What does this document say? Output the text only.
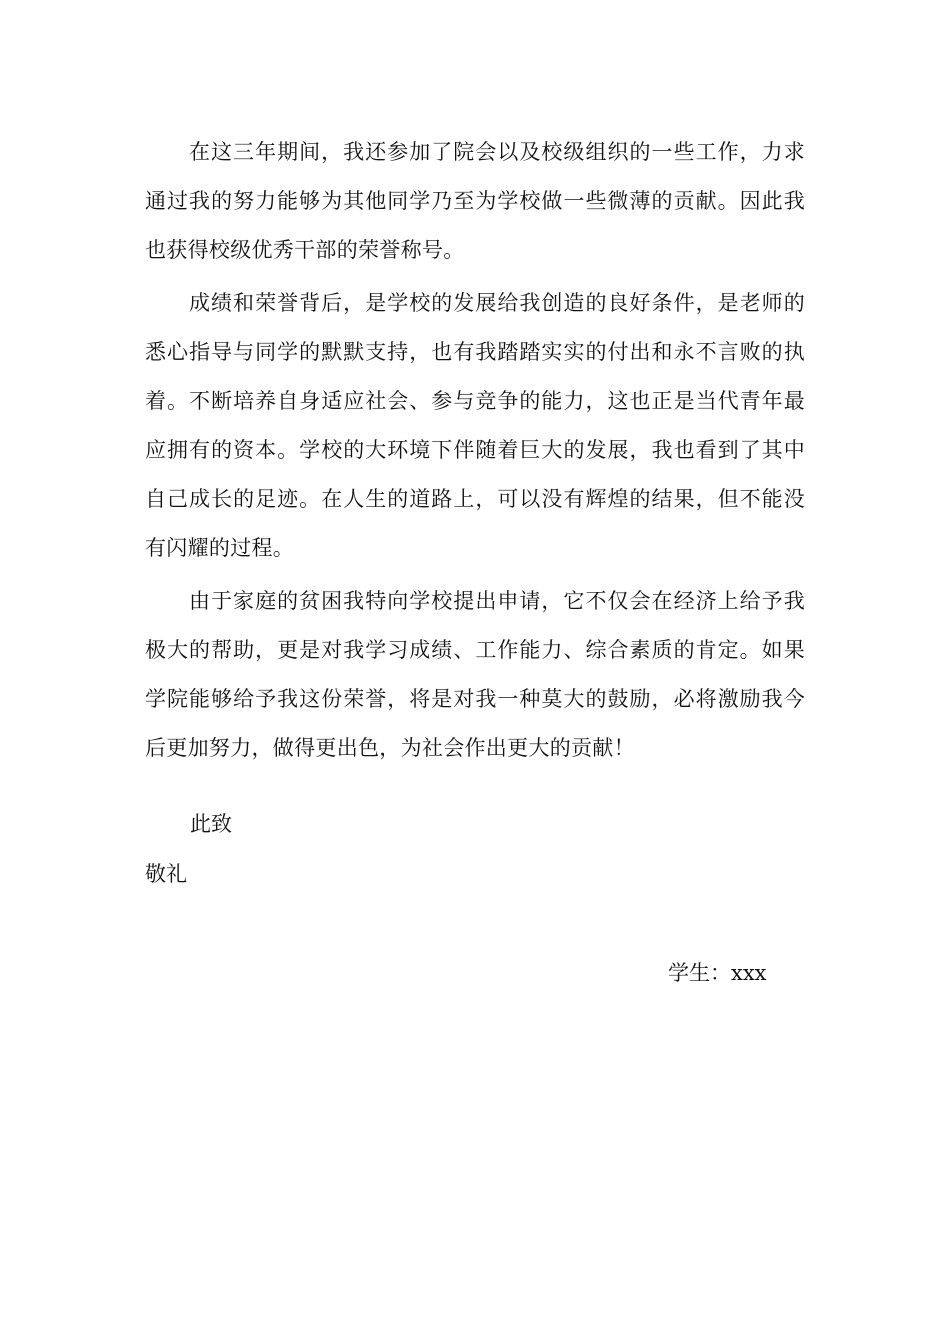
在这三年期间，我还参加了院会以及校级组织的一些工作，力求通过我的努力能够为其他同学乃至为学校做一些微薄的贡献。因此我也获得校级优秀干部的荣誉称号。

成绩和荣誉背后，是学校的发展给我创造的良好条件，是老师的悉心指导与同学的默默支持，也有我踏踏实实的付出和永不言败的执着。不断培养自身适应社会、参与竞争的能力，这也正是当代青年最应拥有的资本。学校的大环境下伴随着巨大的发展，我也看到了其中自己成长的足迹。在人生的道路上，可以没有辉煌的结果，但不能没有闪耀的过程。

由于家庭的贫困我特向学校提出申请，它不仅会在经济上给予我极大的帮助，更是对我学习成绩、工作能力、综合素质的肯定。如果学院能够给予我这份荣誉，将是对我一种莫大的鼓励，必将激励我今后更加努力，做得更出色，为社会作出更大的贡献！

此致

敬礼

学生：xxx
